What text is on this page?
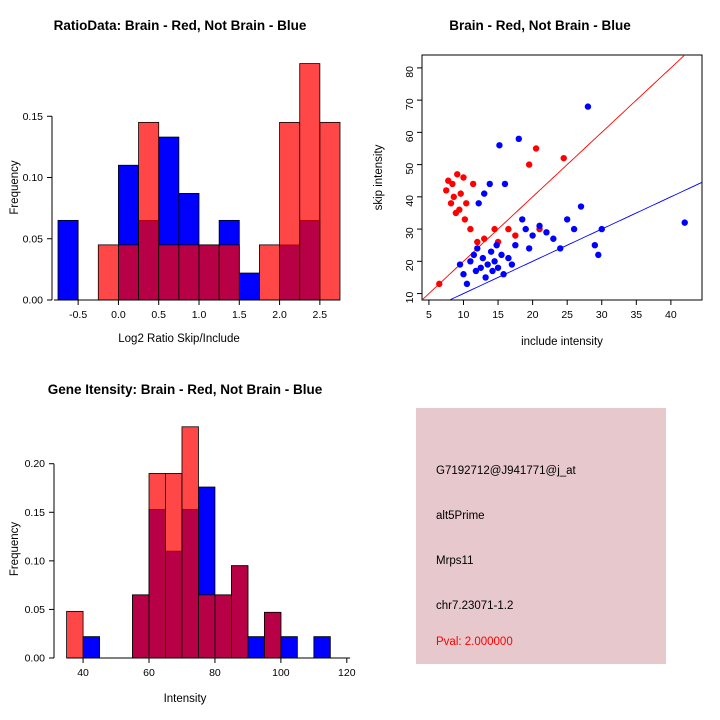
RatioData: Brain - Red, Not Brain - Blue
-0.5 0.0 0.5 1.0 1.5 2.0 2.5
0.00
0.05
0.10
0.15
Log2 Ratio Skip/Include
Frequency
Brain - Red, Not Brain - Blue
5 10 15 20 25 30 35 40
10
20
30
40
50
60
70
80
include intensity
skip intensity
Gene Itensity: Brain - Red, Not Brain - Blue
40	60	80	100	120
0.00
0.05
0.10
0.15
0.20
Intensity
Frequency
G7192712@J941771@j_at
alt5Prime
Mrps11
chr7.23071-1.2
Pval: 2.000000
